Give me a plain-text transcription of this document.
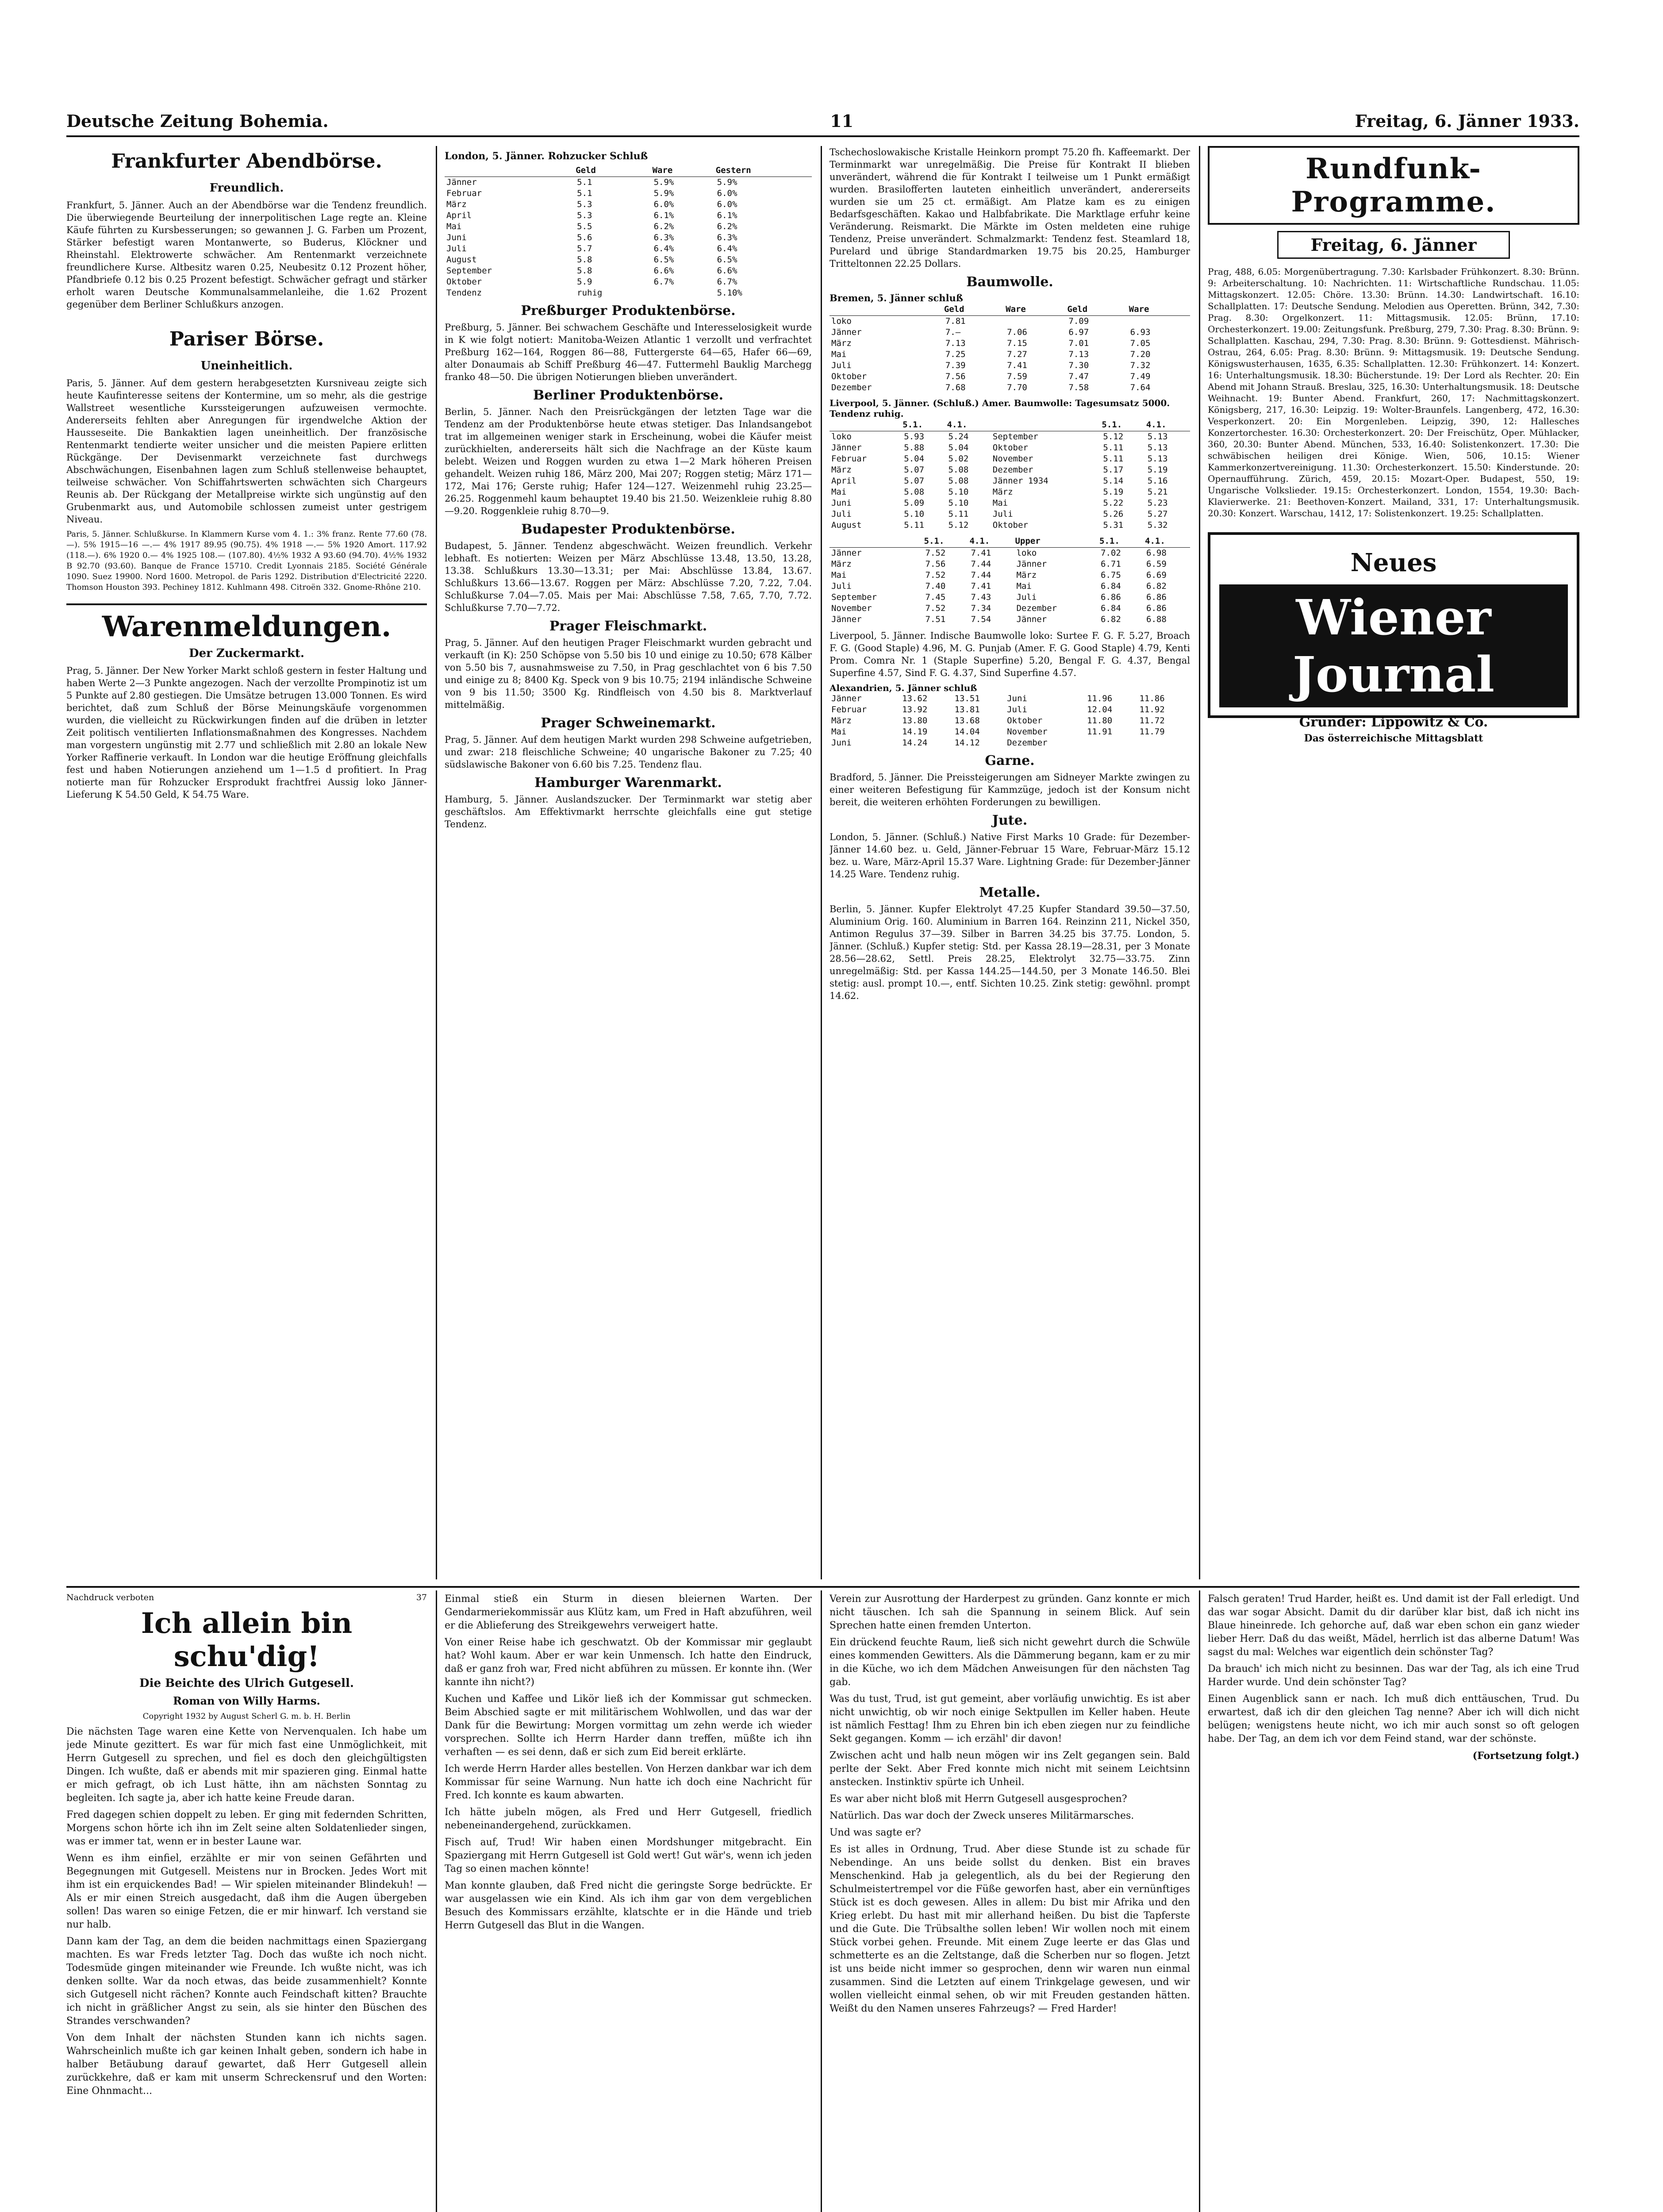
Deutsche Zeitung Bohemia.	11	Freitag, 6. Jänner 1933.
Frankfurter Abendbörse.
Freundlich.

Frankfurt, 5. Jänner. Auch an der Abendbörse war die Tendenz freundlich. Die überwiegende Beurteilung der innerpolitischen Lage regte an. Kleine Käufe führten zu Kursbesserungen; so gewannen J. G. Farben um Prozent, Stärker befestigt waren Montanwerte, so Buderus, Klöckner und Rheinstahl. Elektrowerte schwächer. Am Rentenmarkt verzeichnete freundlichere Kurse. Altbesitz waren 0.25, Neubesitz 0.12 Prozent höher, Pfandbriefe 0.12 bis 0.25 Prozent befestigt. Schwächer gefragt und stärker erholt waren Deutsche Kommunalsammelanleihe, die 1.62 Prozent gegenüber dem Berliner Schlußkurs anzogen.

Pariser Börse.
Uneinheitlich.

Paris, 5. Jänner. Auf dem gestern herabgesetzten Kursniveau zeigte sich heute Kaufinteresse seitens der Kontermine, um so mehr, als die gestrige Wallstreet wesentliche Kurssteigerungen aufzuweisen vermochte. Andererseits fehlten aber Anregungen für irgendwelche Aktion der Hausseseite. Die Bankaktien lagen uneinheitlich. Der französische Rentenmarkt tendierte weiter unsicher und die meisten Papiere erlitten Rückgänge. Der Devisenmarkt verzeichnete fast durchwegs Abschwächungen, Eisenbahnen lagen zum Schluß stellenweise behauptet, teilweise schwächer. Von Schiffahrtswerten schwächten sich Chargeurs Reunis ab. Der Rückgang der Metallpreise wirkte sich ungünstig auf den Grubenmarkt aus, und Automobile schlossen zumeist unter gestrigem Niveau.

Paris, 5. Jänner. Schlußkurse. In Klammern Kurse vom 4. 1.: 3% franz. Rente 77.60 (78.—). 5% 1915—16 —.— 4% 1917 89.95 (90.75). 4% 1918 —.— 5% 1920 Amort. 117.92 (118.—). 6% 1920 0.— 4% 1925 108.— (107.80). 4½% 1932 A 93.60 (94.70). 4½% 1932 B 92.70 (93.60). Banque de France 15710. Credit Lyonnais 2185. Société Générale 1090. Suez 19900. Nord 1600. Metropol. de Paris 1292. Distribution d'Electricité 2220. Thomson Houston 393. Pechiney 1812. Kuhlmann 498. Citroën 332. Gnome-Rhône 210.

Warenmeldungen.
Der Zuckermarkt.

Prag, 5. Jänner. Der New Yorker Markt schloß gestern in fester Haltung und haben Werte 2—3 Punkte angezogen. Nach der verzollte Prompinotiz ist um 5 Punkte auf 2.80 gestiegen. Die Umsätze betrugen 13.000 Tonnen. Es wird berichtet, daß zum Schluß der Börse Meinungskäufe vorgenommen wurden, die vielleicht zu Rückwirkungen finden auf die drüben in letzter Zeit politisch ventilierten Inflationsmaßnahmen des Kongresses. Nachdem man vorgestern ungünstig mit 2.77 und schließlich mit 2.80 an lokale New Yorker Raffinerie verkauft. In London war die heutige Eröffnung gleichfalls fest und haben Notierungen anziehend um 1—1.5 d profitiert. In Prag notierte man für Rohzucker Ersprodukt frachtfrei Aussig loko Jänner-Lieferung K 54.50 Geld, K 54.75 Ware.

London, 5. Jänner. Rohzucker Schluß
	Geld	Ware	Gestern
Jänner	5.1	5.9%	5.9%
Februar	5.1	5.9%	6.0%
März	5.3	6.0%	6.0%
April	5.3	6.1%	6.1%
Mai	5.5	6.2%	6.2%
Juni	5.6	6.3%	6.3%
Juli	5.7	6.4%	6.4%
August	5.8	6.5%	6.5%
September	5.8	6.6%	6.6%
Oktober	5.9	6.7%	6.7%
Tendenz	ruhig		5.10%
Preßburger Produktenbörse.

Preßburg, 5. Jänner. Bei schwachem Geschäfte und Interesselosigkeit wurde in K wie folgt notiert: Manitoba-Weizen Atlantic 1 verzollt und verfrachtet Preßburg 162—164, Roggen 86—88, Futtergerste 64—65, Hafer 66—69, alter Donaumais ab Schiff Preßburg 46—47. Futtermehl Bauklig Marchegg franko 48—50. Die übrigen Notierungen blieben unverändert.

Berliner Produktenbörse.

Berlin, 5. Jänner. Nach den Preisrückgängen der letzten Tage war die Tendenz am der Produktenbörse heute etwas stetiger. Das Inlandsangebot trat im allgemeinen weniger stark in Erscheinung, wobei die Käufer meist zurückhielten, andererseits hält sich die Nachfrage an der Küste kaum belebt. Weizen und Roggen wurden zu etwa 1—2 Mark höheren Preisen gehandelt. Weizen ruhig 186, März 200, Mai 207; Roggen stetig; März 171—172, Mai 176; Gerste ruhig; Hafer 124—127. Weizenmehl ruhig 23.25—26.25. Roggenmehl kaum behauptet 19.40 bis 21.50. Weizenkleie ruhig 8.80—9.20. Roggenkleie ruhig 8.70—9.

Budapester Produktenbörse.

Budapest, 5. Jänner. Tendenz abgeschwächt. Weizen freundlich. Verkehr lebhaft. Es notierten: Weizen per März Abschlüsse 13.48, 13.50, 13.28, 13.38. Schlußkurs 13.30—13.31; per Mai: Abschlüsse 13.84, 13.67. Schlußkurs 13.66—13.67. Roggen per März: Abschlüsse 7.20, 7.22, 7.04. Schlußkurse 7.04—7.05. Mais per Mai: Abschlüsse 7.58, 7.65, 7.70, 7.72. Schlußkurse 7.70—7.72.

Prager Fleischmarkt.

Prag, 5. Jänner. Auf den heutigen Prager Fleischmarkt wurden gebracht und verkauft (in K): 250 Schöpse von 5.50 bis 10 und einige zu 10.50; 678 Kälber von 5.50 bis 7, ausnahmsweise zu 7.50, in Prag geschlachtet von 6 bis 7.50 und einige zu 8; 8400 Kg. Speck von 9 bis 10.75; 2194 inländische Schweine von 9 bis 11.50; 3500 Kg. Rindfleisch von 4.50 bis 8. Marktverlauf mittelmäßig.

Prager Schweinemarkt.

Prag, 5. Jänner. Auf dem heutigen Markt wurden 298 Schweine aufgetrieben, und zwar: 218 fleischliche Schweine; 40 ungarische Bakoner zu 7.25; 40 südslawische Bakoner von 6.60 bis 7.25. Tendenz flau.

Hamburger Warenmarkt.

Hamburg, 5. Jänner. Auslandszucker. Der Terminmarkt war stetig aber geschäftslos. Am Effektivmarkt herrschte gleichfalls eine gut stetige Tendenz.

Tschechoslowakische Kristalle Heinkorn prompt 75.20 fh. Kaffeemarkt. Der Terminmarkt war unregelmäßig. Die Preise für Kontrakt II blieben unverändert, während die für Kontrakt I teilweise um 1 Punkt ermäßigt wurden. Brasilofferten lauteten einheitlich unverändert, andererseits wurden sie um 25 ct. ermäßigt. Am Platze kam es zu einigen Bedarfsgeschäften. Kakao und Halbfabrikate. Die Marktlage erfuhr keine Veränderung. Reismarkt. Die Märkte im Osten meldeten eine ruhige Tendenz, Preise unverändert. Schmalzmarkt: Tendenz fest. Steamlard 18, Purelard und übrige Standardmarken 19.75 bis 20.25, Hamburger Tritteltonnen 22.25 Dollars.

Baumwolle.
Bremen, 5. Jänner schluß
	Geld	Ware	Geld	Ware
loko	7.81		7.09	
Jänner	7.—	7.06	6.97	6.93
März	7.13	7.15	7.01	7.05
Mai	7.25	7.27	7.13	7.20
Juli	7.39	7.41	7.30	7.32
Oktober	7.56	7.59	7.47	7.49
Dezember	7.68	7.70	7.58	7.64
Liverpool, 5. Jänner. (Schluß.) Amer. Baumwolle: Tagesumsatz 5000. Tendenz ruhig.
	5.1.	4.1.		5.1.	4.1.
loko	5.93	5.24	September	5.12	5.13
Jänner	5.88	5.04	Oktober	5.11	5.13
Februar	5.04	5.02	November	5.11	5.13
März	5.07	5.08	Dezember	5.17	5.19
April	5.07	5.08	Jänner 1934	5.14	5.16
Mai	5.08	5.10	März	5.19	5.21
Juni	5.09	5.10	Mai	5.22	5.23
Juli	5.10	5.11	Juli	5.26	5.27
August	5.11	5.12	Oktober	5.31	5.32
	5.1.	4.1.	Upper	5.1.	4.1.
Jänner	7.52	7.41	loko	7.02	6.98
März	7.56	7.44	Jänner	6.71	6.59
Mai	7.52	7.44	März	6.75	6.69
Juli	7.40	7.41	Mai	6.84	6.82
September	7.45	7.43	Juli	6.86	6.86
November	7.52	7.34	Dezember	6.84	6.86
Jänner	7.51	7.54	Jänner	6.82	6.88

Liverpool, 5. Jänner. Indische Baumwolle loko: Surtee F. G. F. 5.27, Broach F. G. (Good Staple) 4.96, M. G. Punjab (Amer. F. G. Good Staple) 4.79, Kenti Prom. Comra Nr. 1 (Staple Superfine) 5.20, Bengal F. G. 4.37, Bengal Superfine 4.57, Sind F. G. 4.37, Sind Superfine 4.57.

Alexandrien, 5. Jänner schluß
Jänner	13.62	13.51	Juni	11.96	11.86
Februar	13.92	13.81	Juli	12.04	11.92
März	13.80	13.68	Oktober	11.80	11.72
Mai	14.19	14.04	November	11.91	11.79
Juni	14.24	14.12	Dezember		
Garne.

Bradford, 5. Jänner. Die Preissteigerungen am Sidneyer Markte zwingen zu einer weiteren Befestigung für Kammzüge, jedoch ist der Konsum nicht bereit, die weiteren erhöhten Forderungen zu bewilligen.

Jute.

London, 5. Jänner. (Schluß.) Native First Marks 10 Grade: für Dezember-Jänner 14.60 bez. u. Geld, Jänner-Februar 15 Ware, Februar-März 15.12 bez. u. Ware, März-April 15.37 Ware. Lightning Grade: für Dezember-Jänner 14.25 Ware. Tendenz ruhig.

Metalle.

Berlin, 5. Jänner. Kupfer Elektrolyt 47.25 Kupfer Standard 39.50—37.50, Aluminium Orig. 160. Aluminium in Barren 164. Reinzinn 211, Nickel 350, Antimon Regulus 37—39. Silber in Barren 34.25 bis 37.75. London, 5. Jänner. (Schluß.) Kupfer stetig: Std. per Kassa 28.19—28.31, per 3 Monate 28.56—28.62, Settl. Preis 28.25, Elektrolyt 32.75—33.75. Zinn unregelmäßig: Std. per Kassa 144.25—144.50, per 3 Monate 146.50. Blei stetig: ausl. prompt 10.—, entf. Sichten 10.25. Zink stetig: gewöhnl. prompt 14.62.

Rundfunk-Programme.
Freitag, 6. Jänner

Prag, 488, 6.05: Morgenübertragung. 7.30: Karlsbader Frühkonzert. 8.30: Brünn. 9: Arbeiterschaltung. 10: Nachrichten. 11: Wirtschaftliche Rundschau. 11.05: Mittagskonzert. 12.05: Chöre. 13.30: Brünn. 14.30: Landwirtschaft. 16.10: Schallplatten. 17: Deutsche Sendung. Melodien aus Operetten. Brünn, 342, 7.30: Prag. 8.30: Orgelkonzert. 11: Mittagsmusik. 12.05: Brünn, 17.10: Orchesterkonzert. 19.00: Zeitungsfunk. Preßburg, 279, 7.30: Prag. 8.30: Brünn. 9: Schallplatten. Kaschau, 294, 7.30: Prag. 8.30: Brünn. 9: Gottesdienst. Mährisch-Ostrau, 264, 6.05: Prag. 8.30: Brünn. 9: Mittagsmusik. 19: Deutsche Sendung. Königswusterhausen, 1635, 6.35: Schallplatten. 12.30: Frühkonzert. 14: Konzert. 16: Unterhaltungsmusik. 18.30: Bücherstunde. 19: Der Lord als Rechter. 20: Ein Abend mit Johann Strauß. Breslau, 325, 16.30: Unterhaltungsmusik. 18: Deutsche Weihnacht. 19: Bunter Abend. Frankfurt, 260, 17: Nachmittagskonzert. Königsberg, 217, 16.30: Leipzig. 19: Wolter-Braunfels. Langenberg, 472, 16.30: Vesperkonzert. 20: Ein Morgenleben. Leipzig, 390, 12: Hallesches Konzertorchester. 16.30: Orchesterkonzert. 20: Der Freischütz, Oper. Mühlacker, 360, 20.30: Bunter Abend. München, 533, 16.40: Solistenkonzert. 17.30: Die schwäbischen heiligen drei Könige. Wien, 506, 10.15: Wiener Kammerkonzertvereinigung. 11.30: Orchesterkonzert. 15.50: Kinderstunde. 20: Opernaufführung. Zürich, 459, 20.15: Mozart-Oper. Budapest, 550, 19: Ungarische Volkslieder. 19.15: Orchesterkonzert. London, 1554, 19.30: Bach-Klavierwerke. 21: Beethoven-Konzert. Mailand, 331, 17: Unterhaltungsmusik. 20.30: Konzert. Warschau, 1412, 17: Solistenkonzert. 19.25: Schallplatten.

Neues
Wiener Journal
Gründer: Lippowitz & Co.
Das österreichische Mittagsblatt
Nachdruck verboten	37
Ich allein bin schu'dig!
Die Beichte des Ulrich Gutgesell.
Roman von Willy Harms.
Copyright 1932 by August Scherl G. m. b. H. Berlin

Die nächsten Tage waren eine Kette von Nervenqualen. Ich habe um jede Minute gezittert. Es war für mich fast eine Unmöglichkeit, mit Herrn Gutgesell zu sprechen, und fiel es doch den gleichgültigsten Dingen. Ich wußte, daß er abends mit mir spazieren ging. Einmal hatte er mich gefragt, ob ich Lust hätte, ihn am nächsten Sonntag zu begleiten. Ich sagte ja, aber ich hatte keine Freude daran.

Fred dagegen schien doppelt zu leben. Er ging mit federnden Schritten, Morgens schon hörte ich ihn im Zelt seine alten Soldatenlieder singen, was er immer tat, wenn er in bester Laune war.

Wenn es ihm einfiel, erzählte er mir von seinen Gefährten und Begegnungen mit Gutgesell. Meistens nur in Brocken. Jedes Wort mit ihm ist ein erquickendes Bad! — Wir spielen miteinander Blindekuh! — Als er mir einen Streich ausgedacht, daß ihm die Augen übergeben sollen! Das waren so einige Fetzen, die er mir hinwarf. Ich verstand sie nur halb.

Dann kam der Tag, an dem die beiden nachmittags einen Spaziergang machten. Es war Freds letzter Tag. Doch das wußte ich noch nicht. Todesmüde gingen miteinander wie Freunde. Ich wußte nicht, was ich denken sollte. War da noch etwas, das beide zusammenhielt? Konnte sich Gutgesell nicht rächen? Konnte auch Feindschaft kitten? Brauchte ich nicht in gräßlicher Angst zu sein, als sie hinter den Büschen des Strandes verschwanden?

Von dem Inhalt der nächsten Stunden kann ich nichts sagen. Wahrscheinlich mußte ich gar keinen Inhalt geben, sondern ich habe in halber Betäubung darauf gewartet, daß Herr Gutgesell allein zurückkehre, daß er kam mit unserm Schreckensruf und den Worten: Eine Ohnmacht...

Einmal stieß ein Sturm in diesen bleiernen Warten. Der Gendarmeriekommissär aus Klütz kam, um Fred in Haft abzuführen, weil er die Ablieferung des Streikgewehrs verweigert hatte.

Von einer Reise habe ich geschwatzt. Ob der Kommissar mir geglaubt hat? Wohl kaum. Aber er war kein Unmensch. Ich hatte den Eindruck, daß er ganz froh war, Fred nicht abführen zu müssen. Er konnte ihn. (Wer kannte ihn nicht?)

Kuchen und Kaffee und Likör ließ ich der Kommissar gut schmecken. Beim Abschied sagte er mit militärischem Wohlwollen, und das war der Dank für die Bewirtung: Morgen vormittag um zehn werde ich wieder vorsprechen. Sollte ich Herrn Harder dann treffen, müßte ich ihn verhaften — es sei denn, daß er sich zum Eid bereit erklärte.

Ich werde Herrn Harder alles bestellen. Von Herzen dankbar war ich dem Kommissar für seine Warnung. Nun hatte ich doch eine Nachricht für Fred. Ich konnte es kaum abwarten.

Ich hätte jubeln mögen, als Fred und Herr Gutgesell, friedlich nebeneinandergehend, zurückkamen.

Fisch auf, Trud! Wir haben einen Mordshunger mitgebracht. Ein Spaziergang mit Herrn Gutgesell ist Gold wert! Gut wär's, wenn ich jeden Tag so einen machen könnte!

Man konnte glauben, daß Fred nicht die geringste Sorge bedrückte. Er war ausgelassen wie ein Kind. Als ich ihm gar von dem vergeblichen Besuch des Kommissars erzählte, klatschte er in die Hände und trieb Herrn Gutgesell das Blut in die Wangen.

Verein zur Ausrottung der Harderpest zu gründen. Ganz konnte er mich nicht täuschen. Ich sah die Spannung in seinem Blick. Auf sein Sprechen hatte einen fremden Unterton.

Ein drückend feuchte Raum, ließ sich nicht gewehrt durch die Schwüle eines kommenden Gewitters. Als die Dämmerung begann, kam er zu mir in die Küche, wo ich dem Mädchen Anweisungen für den nächsten Tag gab.

Was du tust, Trud, ist gut gemeint, aber vorläufig unwichtig. Es ist aber nicht unwichtig, ob wir noch einige Sektpullen im Keller haben. Heute ist nämlich Festtag! Ihm zu Ehren bin ich eben ziegen nur zu feindliche Sekt gegangen. Komm — ich erzähl' dir davon!

Zwischen acht und halb neun mögen wir ins Zelt gegangen sein. Bald perlte der Sekt. Aber Fred konnte mich nicht mit seinem Leichtsinn anstecken. Instinktiv spürte ich Unheil.

Es war aber nicht bloß mit Herrn Gutgesell ausgesprochen?

Natürlich. Das war doch der Zweck unseres Militärmarsches.

Und was sagte er?

Es ist alles in Ordnung, Trud. Aber diese Stunde ist zu schade für Nebendinge. An uns beide sollst du denken. Bist ein braves Menschenkind. Hab ja gelegentlich, als du bei der Regierung den Schulmeistertrempel vor die Füße geworfen hast, aber ein vernünftiges Stück ist es doch gewesen. Alles in allem: Du bist mir Afrika und den Krieg erlebt. Du hast mit mir allerhand heißen. Du bist die Tapferste und die Gute. Die Trübsalthe sollen leben! Wir wollen noch mit einem Stück vorbei gehen. Freunde. Mit einem Zuge leerte er das Glas und schmetterte es an die Zeltstange, daß die Scherben nur so flogen. Jetzt ist uns beide nicht immer so gesprochen, denn wir waren nun einmal zusammen. Sind die Letzten auf einem Trinkgelage gewesen, und wir wollen vielleicht einmal sehen, ob wir mit Freuden gestanden hätten. Weißt du den Namen unseres Fahrzeugs? — Fred Harder!

Falsch geraten! Trud Harder, heißt es. Und damit ist der Fall erledigt. Und das war sogar Absicht. Damit du dir darüber klar bist, daß ich nicht ins Blaue hineinrede. Ich gehorche auf, daß war eben schon ein ganz wieder lieber Herr. Daß du das weißt, Mädel, herrlich ist das alberne Datum! Was sagst du mal: Welches war eigentlich dein schönster Tag?

Da brauch' ich mich nicht zu besinnen. Das war der Tag, als ich eine Trud Harder wurde. Und dein schönster Tag?

Einen Augenblick sann er nach. Ich muß dich enttäuschen, Trud. Du erwartest, daß ich dir den gleichen Tag nenne? Aber ich will dich nicht belügen; wenigstens heute nicht, wo ich mir auch sonst so oft gelogen habe. Der Tag, an dem ich vor dem Feind stand, war der schönste.

(Fortsetzung folgt.)
